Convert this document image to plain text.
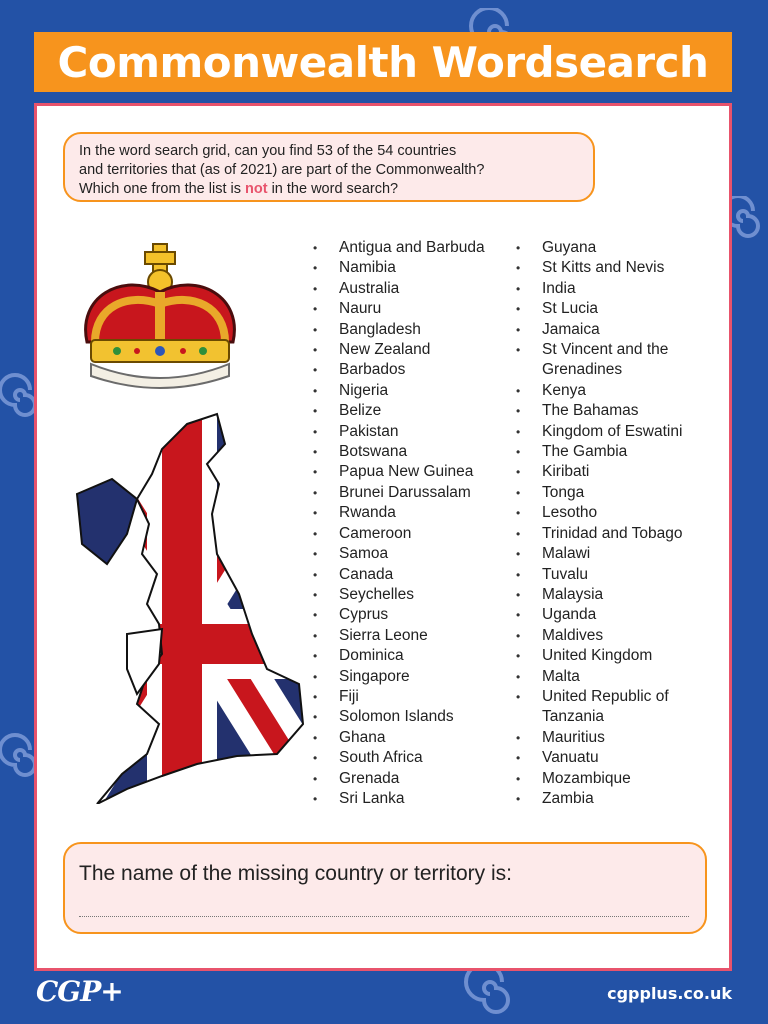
Commonwealth Wordsearch
In the word search grid, can you find 53 of the 54 countries
and territories that (as of 2021) are part of the Commonwealth?
Which one from the list is not in the word search?
• Antigua and Barbuda
• Namibia
• Australia
• Nauru
• Bangladesh
• New Zealand
• Barbados
• Nigeria
• Belize
• Pakistan
• Botswana
• Papua New Guinea
• Brunei Darussalam
• Rwanda
• Cameroon
• Samoa
• Canada
• Seychelles
• Cyprus
• Sierra Leone
• Dominica
• Singapore
• Fiji
• Solomon Islands
• Ghana
• South Africa
• Grenada
• Sri Lanka
• Guyana
• St Kitts and Nevis
• India
• St Lucia
• Jamaica
• St Vincent and the
Grenadines
• Kenya
• The Bahamas
• Kingdom of Eswatini
• The Gambia
• Kiribati
• Tonga
• Lesotho
• Trinidad and Tobago
• Malawi
• Tuvalu
• Malaysia
• Uganda
• Maldives
• United Kingdom
• Malta
• United Republic of
Tanzania
• Mauritius
• Vanuatu
• Mozambique
• Zambia
The name of the missing country or territory is:
CGP+	cgpplus.co.uk
